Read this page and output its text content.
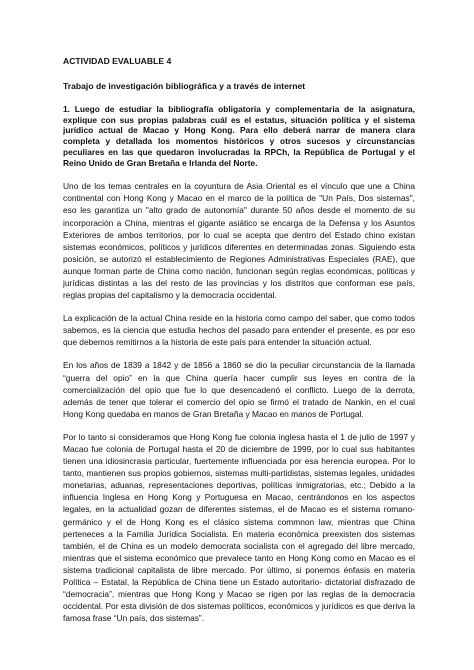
ACTIVIDAD EVALUABLE 4
Trabajo de investigación bibliográfica y a través de internet
1. Luego de estudiar la bibliografía obligatoria y complementaria de la asignatura, explique con sus propias palabras cuál es el estatus, situación política y el sistema jurídico actual de Macao y Hong Kong. Para ello deberá narrar de manera clara completa y detallada los momentos históricos y otros sucesos y circunstancias peculiares en las que quedaron involucradas la RPCh, la República de Portugal y el Reino Unido de Gran Bretaña e Irlanda del Norte.
Uno de los temas centrales en la coyuntura de Asia Oriental es el vínculo que une a China continental con Hong Kong y Macao en el marco de la política de "Un País, Dos sistemas", eso les garantiza un "alto grado de autonomía" durante 50 años desde el momento de su incorporación a China, mientras el gigante asiático se encarga de la Defensa y los Asuntos Exteriores de ambos territorios, por lo cual se acepta que dentro del Estado chino existan sistemas económicos, políticos y jurídicos diferentes en determinadas zonas. Siguiendo esta posición, se autorizó el establecimiento de Regiones Administrativas Especiales (RAE), que aunque forman parte de China como nación, funcionan según reglas económicas, políticas y jurídicas distintas a las del resto de las provincias y los distritos que conforman ese país, reglas propias del capitalismo y la democracia occidental.
La explicación de la actual China reside en la historia como campo del saber, que como todos sabemos, es la ciencia que estudia hechos del pasado para entender el presente, es por eso que debemos remitirnos a la historia de este país para entender la situación actual.
En los años de 1839 a 1842 y de 1856 a 1860 se dio la peculiar circunstancia de la llamada “guerra del opio” en la que China quería hacer cumplir sus leyes en contra de la comercialización del opio que fue lo que desencadenó el conflicto. Luego de la derrota, además de tener que tolerar el comercio del opio se firmó el tratado de Nankin, en el cual Hong Kong quedaba en manos de Gran Bretaña y Macao en manos de Portugal.
Por lo tanto si consideramos que Hong Kong fue colonia inglesa hasta el 1 de julio de 1997 y Macao fue colonia de Portugal hasta el 20 de diciembre de 1999, por lo cual sus habitantes tienen una idiosincrasia particular, fuertemente influenciada por esa herencia europea. Por lo tanto, mantienen sus propios gobiernos, sistemas multi-partidistas, sistemas legales, unidades monetarias, aduanas, representaciones deportivas, políticas inmigratorias, etc.; Debido a la influencia Inglesa en Hong Kong y Portuguesa en Macao, centrándonos en los aspectos legales, en la actualidad gozan de diferentes sistemas, el de Macao es el sistema romano-germánico y el de Hong Kong es el clásico sistema commnon law, mientras que China perteneces a la Familia Jurídica Socialista. En materia económica preexisten dos sistemas también, el de China es un modelo democrata socialista con el agregado del libre mercado, mientras que el sistema económico que prevalece tanto en Hong Kong como en Macao es el sistema tradicional capitalista de libre mercado. Por último, si ponemos énfasis en materia Política – Estatal, la República de China tiene un Estado autoritario- dictatorial disfrazado de “democracia”, mientras que Hong Kong y Macao se rigen por las reglas de la democracia occidental. Por esta división de dos sistemas políticos, económicos y jurídicos es que deriva la famosa frase “Un país, dos sistemas”.
